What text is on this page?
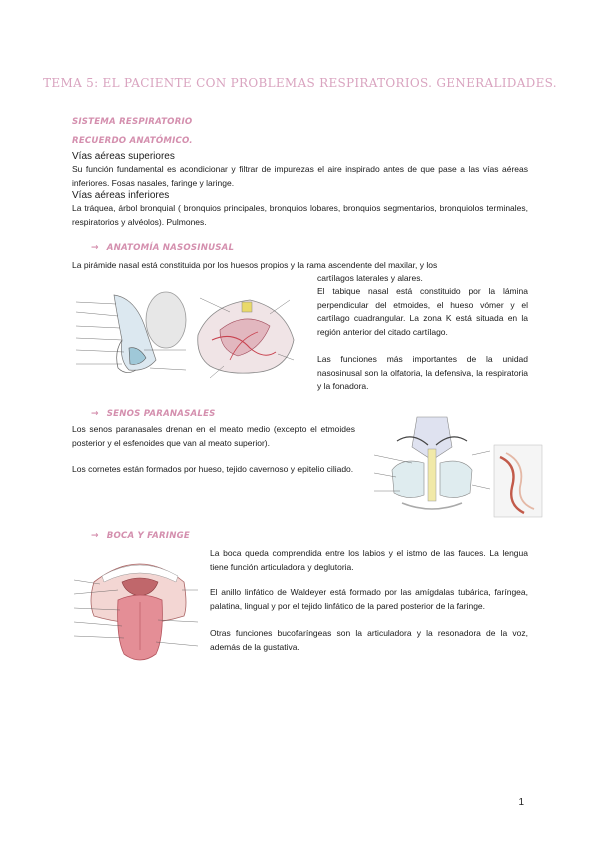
TEMA 5: EL PACIENTE CON PROBLEMAS RESPIRATORIOS. GENERALIDADES.
SISTEMA RESPIRATORIO
RECUERDO ANATÓMICO.
Vías aéreas superiores
Su función fundamental es acondicionar y filtrar de impurezas el aire inspirado antes de que pase a las vías aéreas inferiores. Fosas nasales, faringe y laringe.
Vías aéreas inferiores
La tráquea, árbol bronquial ( bronquios principales, bronquios lobares, bronquios segmentarios, bronquiolos terminales, respiratorios y alvéolos). Pulmones.
→ ANATOMÍA NASOSINUSAL
La pirámide nasal está constituida por los huesos propios y la rama ascendente del maxilar, y los
cartílagos laterales y alares.
El tabique nasal está constituido por la lámina perpendicular del etmoides, el hueso vómer y el cartílago cuadrangular. La zona K está situada en la región anterior del citado cartílago.
Las funciones más importantes de la unidad nasosinusal son la olfatoria, la defensiva, la respiratoria y la fonadora.
→ SENOS PARANASALES
Los senos paranasales drenan en el meato medio (excepto el etmoides posterior y el esfenoides que van al meato superior).
Los cornetes están formados por hueso, tejido cavernoso y epitelio ciliado.
→ BOCA Y FARINGE
La boca queda comprendida entre los labios y el istmo de las fauces. La lengua tiene función articuladora y deglutoria.
El anillo linfático de Waldeyer está formado por las amígdalas tubárica, faríngea, palatina, lingual y por el tejido linfático de la pared posterior de la faringe.
Otras funciones bucofaríngeas son la articuladora y la resonadora de la voz, además de la gustativa.
1
